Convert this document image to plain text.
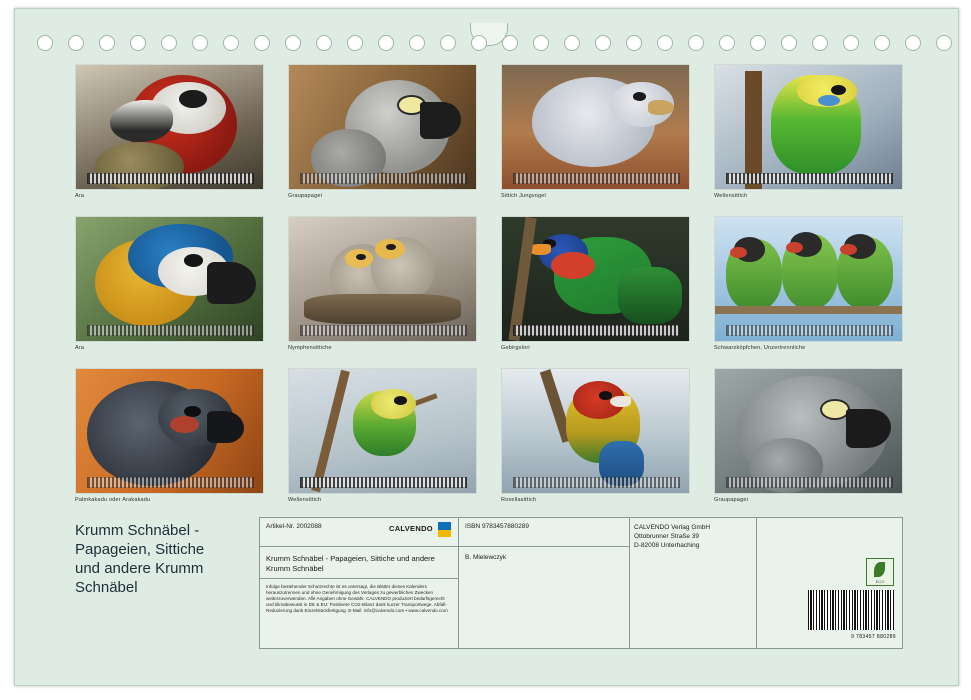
Ara	Graupapagei	Sittich Jungvogel	Wellensittich
Ara	Nymphensittiche	Gebirgslori	Schwarzköpfchen, Unzertrennliche
Palmkakadu oder Arakakadu	Wellensittich	Rosellasittich	Graupapagei
Krumm Schnäbel -
Papageien, Sittiche
und andere Krumm
Schnäbel
Artikel-Nr. 2002088	CALVENDO
Krumm Schnäbel - Papageien, Sittiche und andere Krumm Schnäbel
Infolge bestehender Schutzrechte ist es untersagt, die Blätter dieses Kalenders herauszutrennen und ohne Genehmigung des Verlages zu gewerblichen Zwecken weiterzuverwenden. Alle Angaben ohne Gewähr. CALVENDO produziert bedarfsgerecht und klimabewusst in DE & EU: Positivere CO2-Bilanz dank kurzer Transportwege. Abfall-Reduzierung dank Einzelstückfertigung. E-Mail: info@calvendo.com • www.calvendo.com
ISBN 9783457880289
B. Mielewczyk
CALVENDO Verlag GmbH
Ottobrunner Straße 39
D-82008 Unterhaching
ECO
9 783457 880289
